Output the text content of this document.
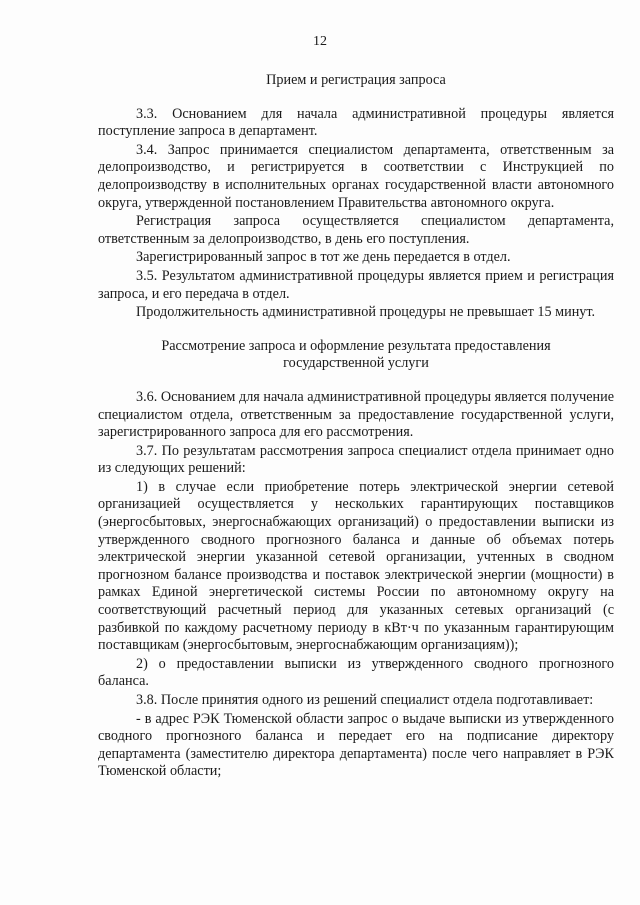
12

Прием и регистрация запроса

3.3. Основанием для начала административной процедуры является поступление запроса в департамент.

3.4. Запрос принимается специалистом департамента, ответственным за делопроизводство, и регистрируется в соответствии с Инструкцией по делопроизводству в исполнительных органах государственной власти автономного округа, утвержденной постановлением Правительства автономного округа.

Регистрация запроса осуществляется специалистом департамента, ответственным за делопроизводство, в день его поступления.

Зарегистрированный запрос в тот же день передается в отдел.

3.5. Результатом административной процедуры является прием и регистрация запроса, и его передача в отдел.

Продолжительность административной процедуры не превышает 15 минут.

Рассмотрение запроса и оформление результата предоставления
государственной услуги

3.6. Основанием для начала административной процедуры является получение специалистом отдела, ответственным за предоставление государственной услуги, зарегистрированного запроса для его рассмотрения.

3.7. По результатам рассмотрения запроса специалист отдела принимает одно из следующих решений:

1) в случае если приобретение потерь электрической энергии сетевой организацией осуществляется у нескольких гарантирующих поставщиков (энергосбытовых, энергоснабжающих организаций) о предоставлении выписки из утвержденного сводного прогнозного баланса и данные об объемах потерь электрической энергии указанной сетевой организации, учтенных в сводном прогнозном балансе производства и поставок электрической энергии (мощности) в рамках Единой энергетической системы России по автономному округу на соответствующий расчетный период для указанных сетевых организаций (с разбивкой по каждому расчетному периоду в кВт·ч по указанным гарантирующим поставщикам (энергосбытовым, энергоснабжающим организациям));

2) о предоставлении выписки из утвержденного сводного прогнозного баланса.

3.8. После принятия одного из решений специалист отдела подготавливает:

- в адрес РЭК Тюменской области запрос о выдаче выписки из утвержденного сводного прогнозного баланса и передает его на подписание директору департамента (заместителю директора департамента) после чего направляет в РЭК Тюменской области;
